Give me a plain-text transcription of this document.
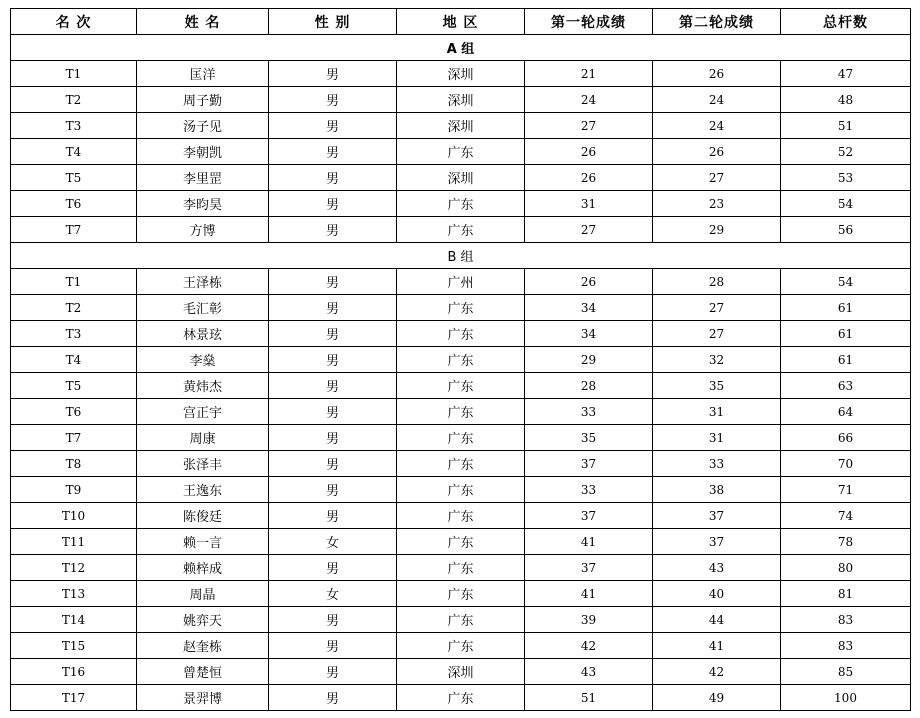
名 次	姓 名	性 别	地 区	第一轮成绩	第二轮成绩	总杆数
A 组						
T1	匡洋	男	深圳	21	26	47
T2	周子勤	男	深圳	24	24	48
T3	汤子见	男	深圳	27	24	51
T4	李朝凯	男	广东	26	26	52
T5	李里罡	男	深圳	26	27	53
T6	李昀昊	男	广东	31	23	54
T7	方博	男	广东	27	29	56
B 组						
T1	王泽栋	男	广州	26	28	54
T2	毛汇彰	男	广东	34	27	61
T3	林景玹	男	广东	34	27	61
T4	李燊	男	广东	29	32	61
T5	黄炜杰	男	广东	28	35	63
T6	宫正宇	男	广东	33	31	64
T7	周康	男	广东	35	31	66
T8	张泽丰	男	广东	37	33	70
T9	王逸东	男	广东	33	38	71
T10	陈俊廷	男	广东	37	37	74
T11	赖一言	女	广东	41	37	78
T12	赖梓成	男	广东	37	43	80
T13	周晶	女	广东	41	40	81
T14	姚弈天	男	广东	39	44	83
T15	赵奎栋	男	广东	42	41	83
T16	曾楚恒	男	深圳	43	42	85
T17	景羿博	男	广东	51	49	100
